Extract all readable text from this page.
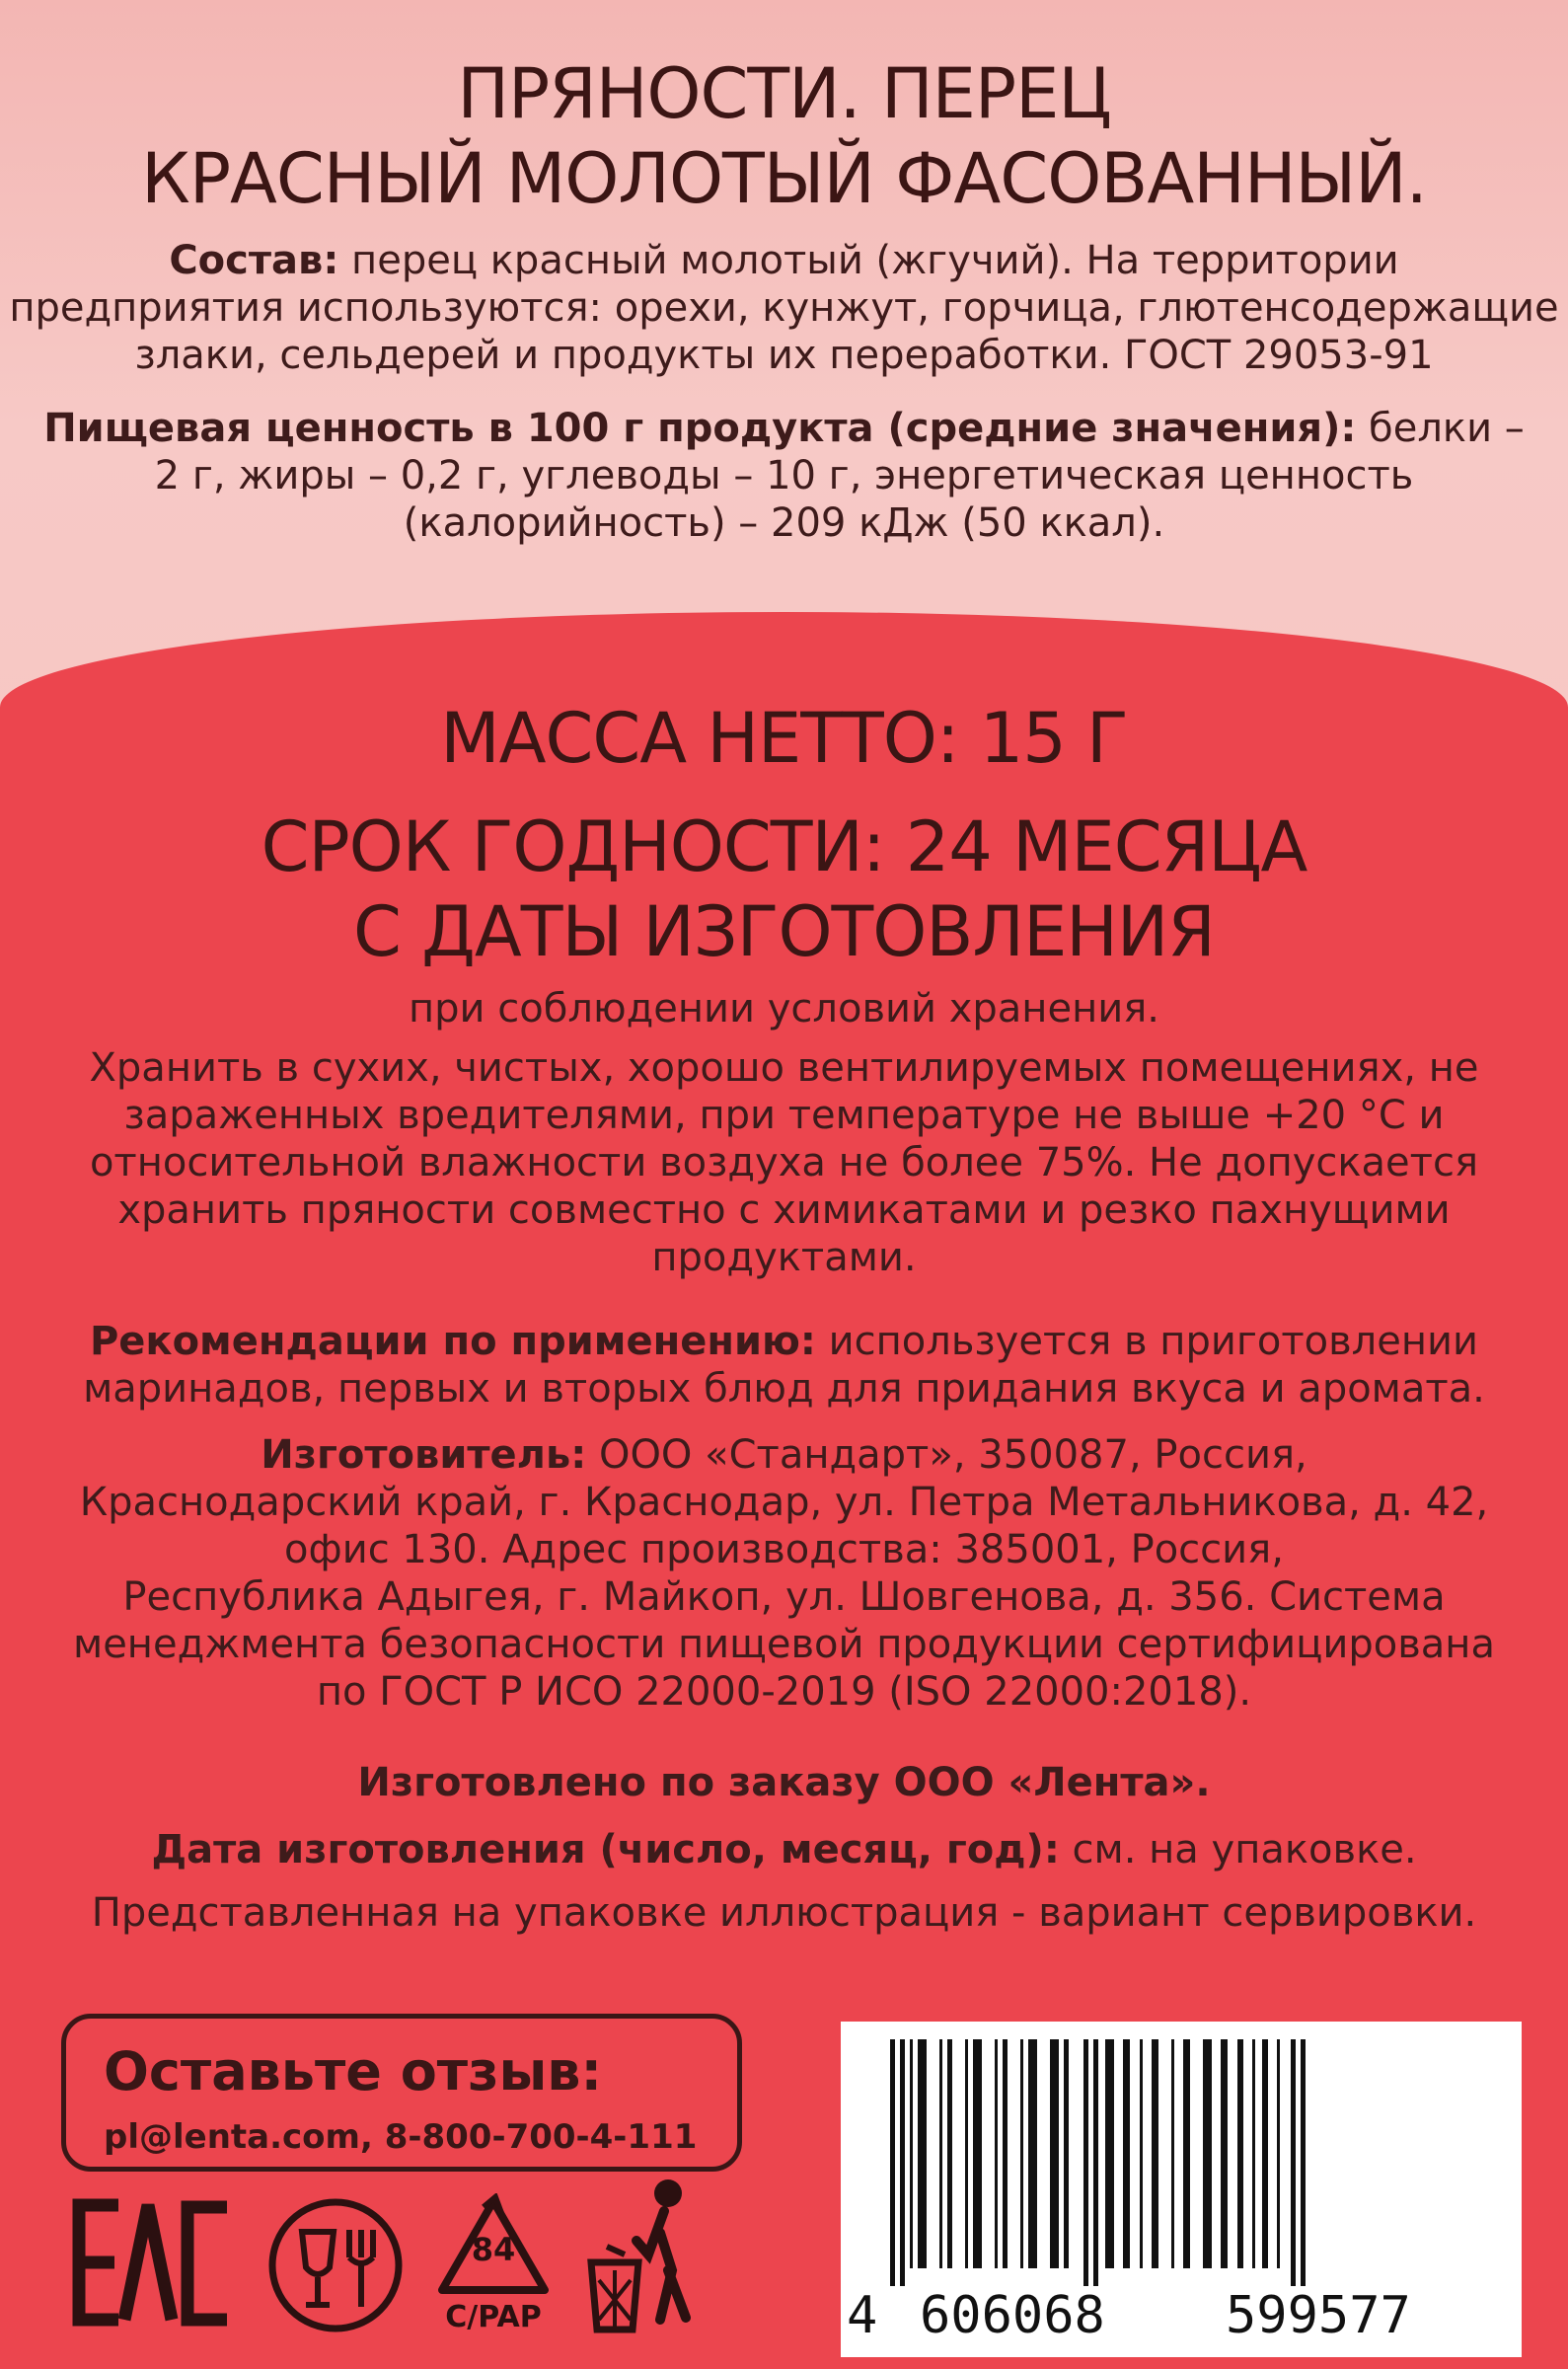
ПРЯНОСТИ. ПЕРЕЦ
КРАСНЫЙ МОЛОТЫЙ ФАСОВАННЫЙ.
Состав: перец красный молотый (жгучий). На территории
предприятия используются: орехи, кунжут, горчица, глютенсодержащие
злаки, сельдерей и продукты их переработки. ГОСТ 29053-91
Пищевая ценность в 100 г продукта (средние значения): белки –
2 г, жиры – 0,2 г, углеводы – 10 г, энергетическая ценность
(калорийность) – 209 кДж (50 ккал).
МАССА НЕТТО: 15 Г
СРОК ГОДНОСТИ: 24 МЕСЯЦА
С ДАТЫ ИЗГОТОВЛЕНИЯ
при соблюдении условий хранения.
Хранить в сухих, чистых, хорошо вентилируемых помещениях, не
зараженных вредителями, при температуре не выше +20 °С и
относительной влажности воздуха не более 75%. Не допускается
хранить пряности совместно с химикатами и резко пахнущими
продуктами.
Рекомендации по применению: используется в приготовлении
маринадов, первых и вторых блюд для придания вкуса и аромата.
Изготовитель: ООО «Стандарт», 350087, Россия,
Краснодарский край, г. Краснодар, ул. Петра Метальникова, д. 42,
офис 130. Адрес производства: 385001, Россия,
Республика Адыгея, г. Майкоп, ул. Шовгенова, д. 356. Система
менеджмента безопасности пищевой продукции сертифицирована
по ГОСТ Р ИСО 22000-2019 (ISO 22000:2018).
Изготовлено по заказу ООО «Лента».
Дата изготовления (число, месяц, год): см. на упаковке.
Представленная на упаковке иллюстрация - вариант сервировки.
Оставьте отзыв:
pl@lenta.com, 8-800-700-4-111
84
C/PAP	4 606068 599577
